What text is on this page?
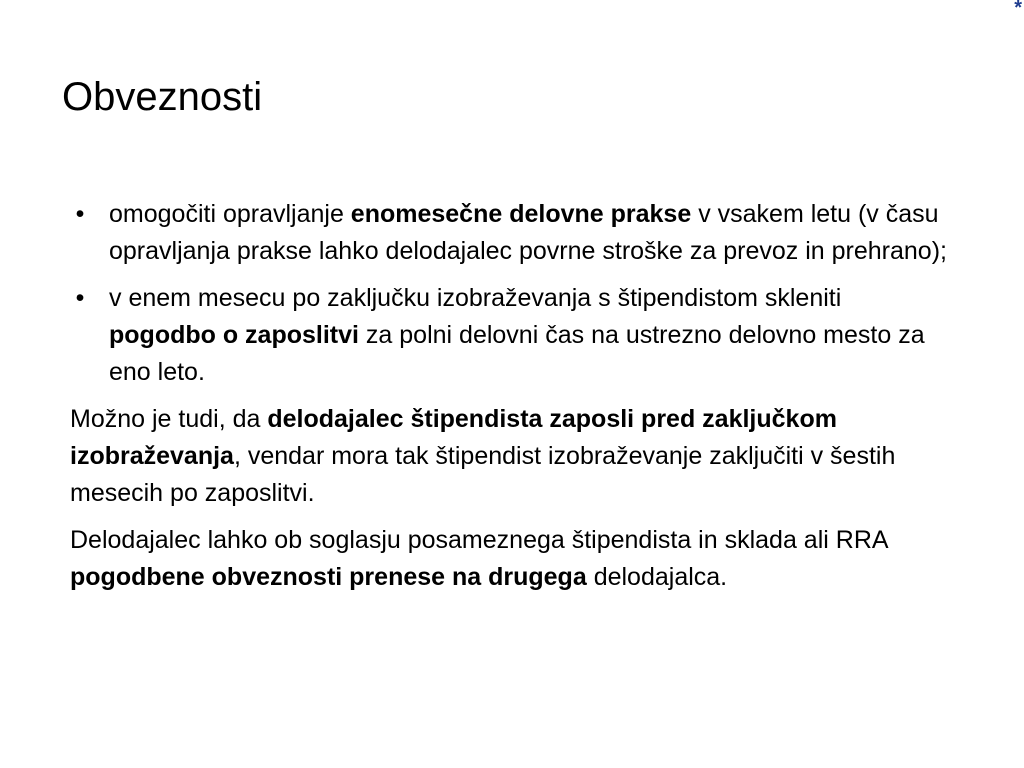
*
Obveznosti
• omogočiti opravljanje enomesečne delovne prakse v vsakem letu (v času opravljanja prakse lahko delodajalec povrne stroške za prevoz in prehrano);
• v enem mesecu po zaključku izobraževanja s štipendistom skleniti pogodbo o zaposlitvi za polni delovni čas na ustrezno delovno mesto za eno leto.

Možno je tudi, da delodajalec štipendista zaposli pred zaključkom izobraževanja, vendar mora tak štipendist izobraževanje zaključiti v šestih mesecih po zaposlitvi.

Delodajalec lahko ob soglasju posameznega štipendista in sklada ali RRA pogodbene obveznosti prenese na drugega delodajalca.
